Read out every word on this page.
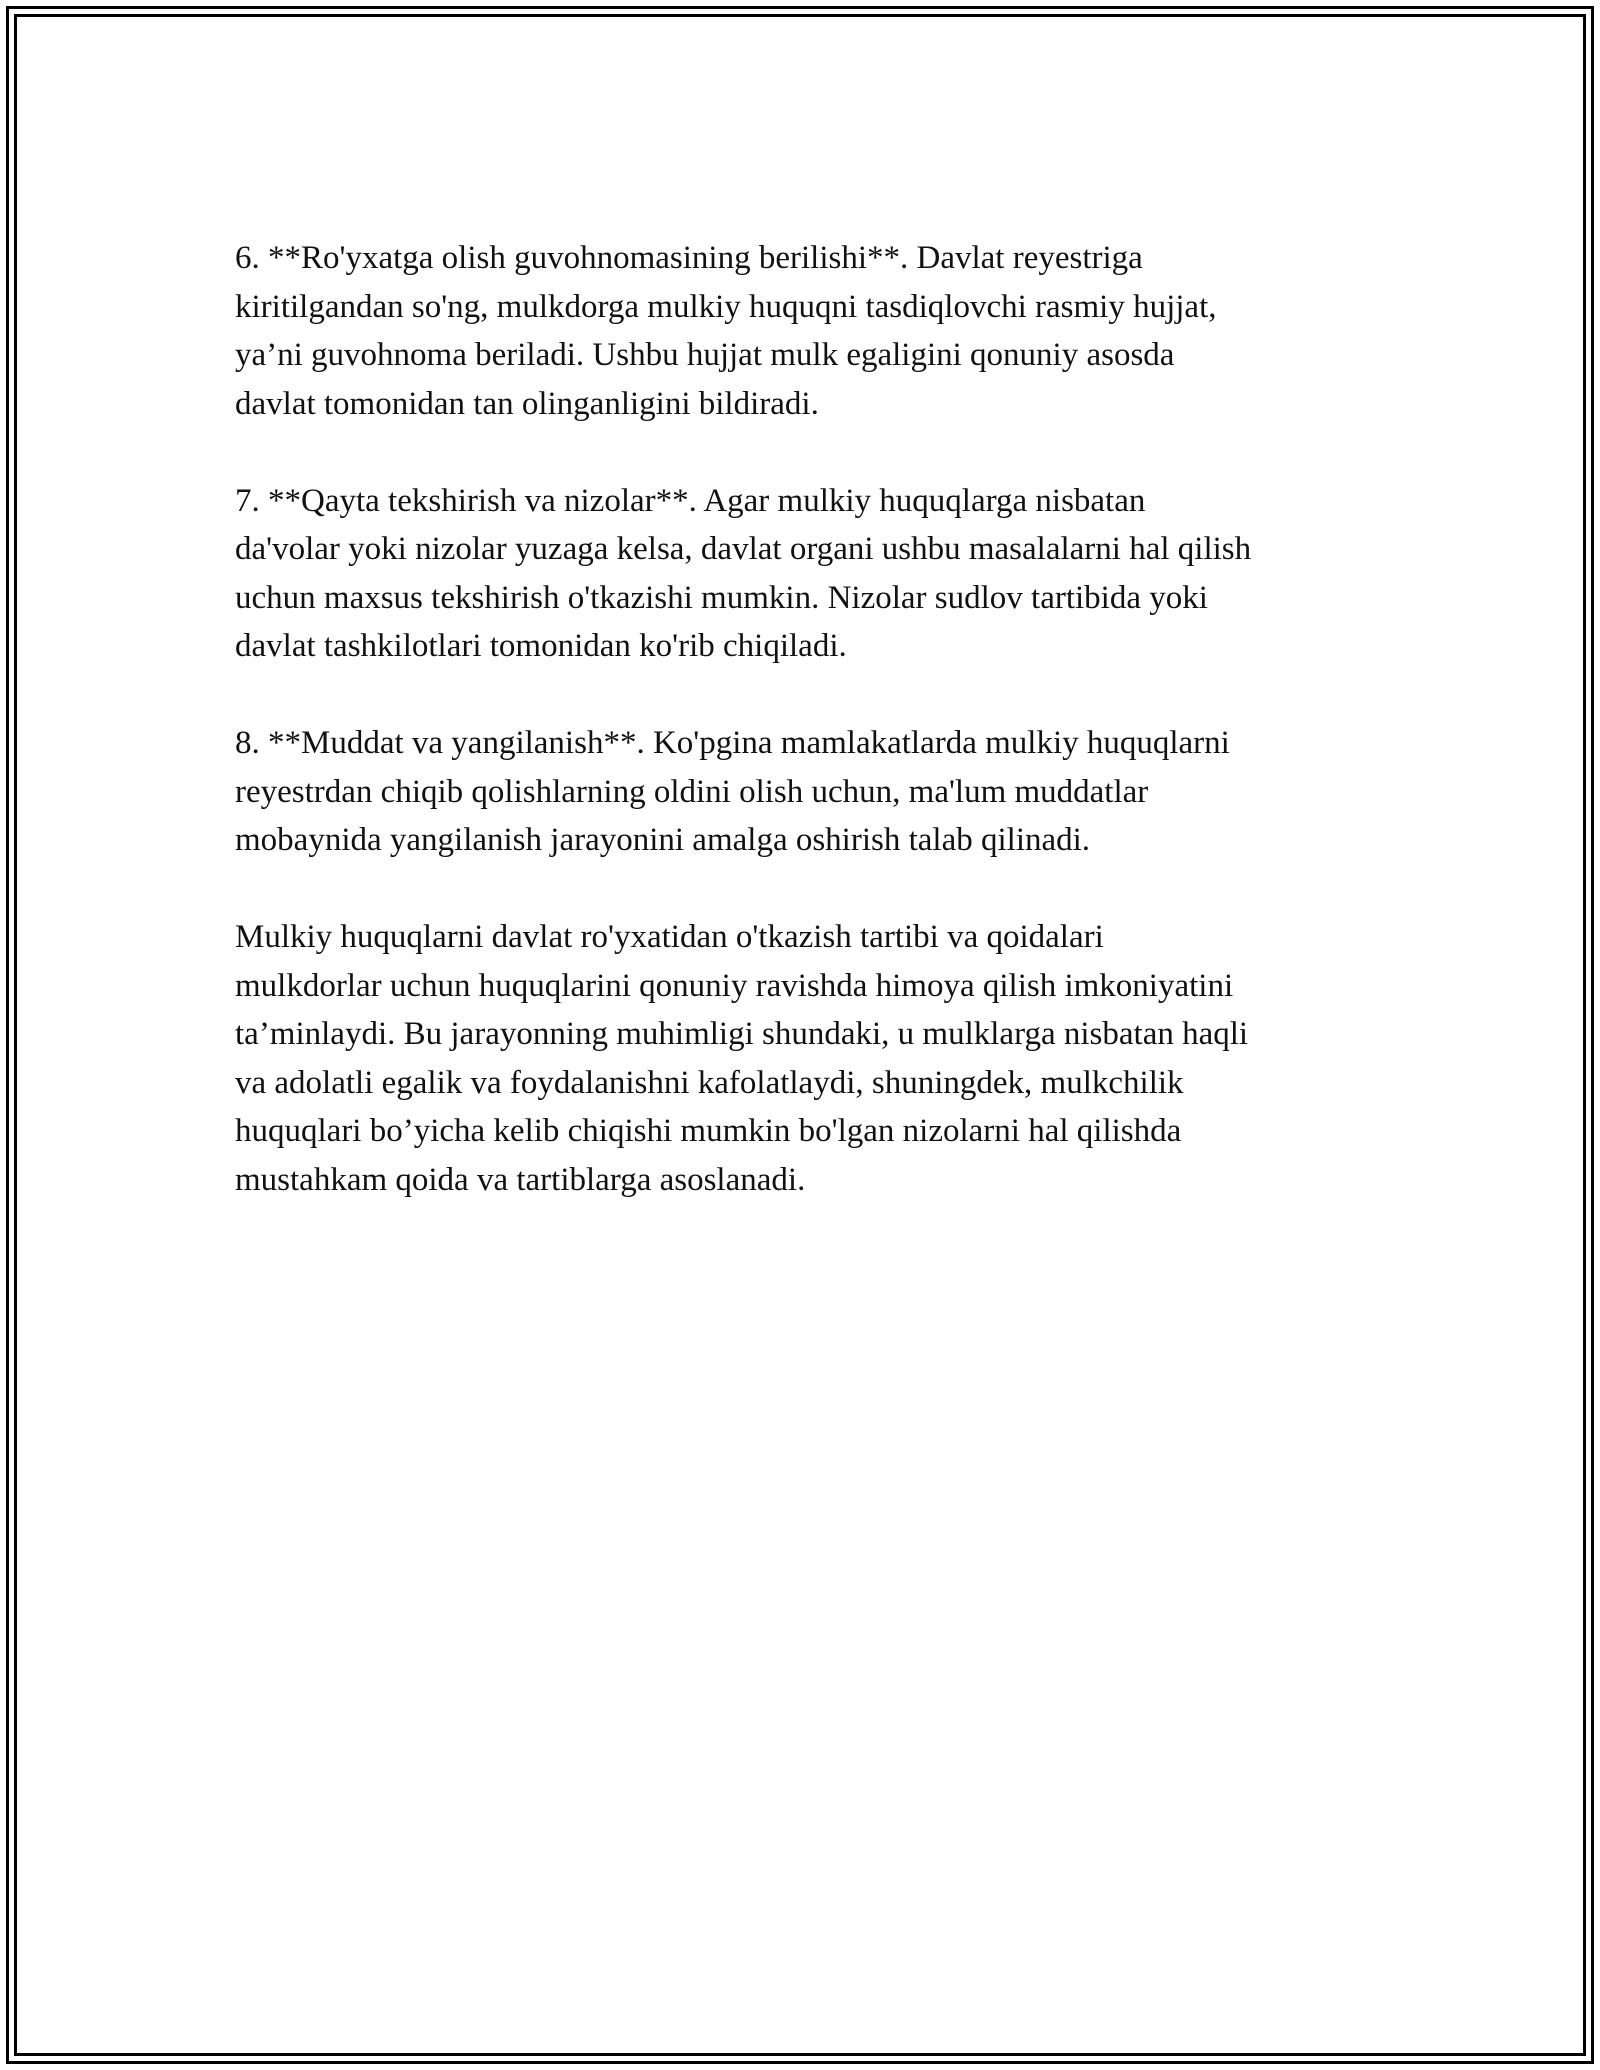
6. **Ro'yxatga olish guvohnomasining berilishi**. Davlat reyestriga
kiritilgandan so'ng, mulkdorga mulkiy huquqni tasdiqlovchi rasmiy hujjat,
ya’ni guvohnoma beriladi. Ushbu hujjat mulk egaligini qonuniy asosda
davlat tomonidan tan olinganligini bildiradi.

7. **Qayta tekshirish va nizolar**. Agar mulkiy huquqlarga nisbatan
da'volar yoki nizolar yuzaga kelsa, davlat organi ushbu masalalarni hal qilish
uchun maxsus tekshirish o'tkazishi mumkin. Nizolar sudlov tartibida yoki
davlat tashkilotlari tomonidan ko'rib chiqiladi.

8. **Muddat va yangilanish**. Ko'pgina mamlakatlarda mulkiy huquqlarni
reyestrdan chiqib qolishlarning oldini olish uchun, ma'lum muddatlar
mobaynida yangilanish jarayonini amalga oshirish talab qilinadi.

Mulkiy huquqlarni davlat ro'yxatidan o'tkazish tartibi va qoidalari
mulkdorlar uchun huquqlarini qonuniy ravishda himoya qilish imkoniyatini
ta’minlaydi. Bu jarayonning muhimligi shundaki, u mulklarga nisbatan haqli
va adolatli egalik va foydalanishni kafolatlaydi, shuningdek, mulkchilik
huquqlari bo’yicha kelib chiqishi mumkin bo'lgan nizolarni hal qilishda
mustahkam qoida va tartiblarga asoslanadi.
